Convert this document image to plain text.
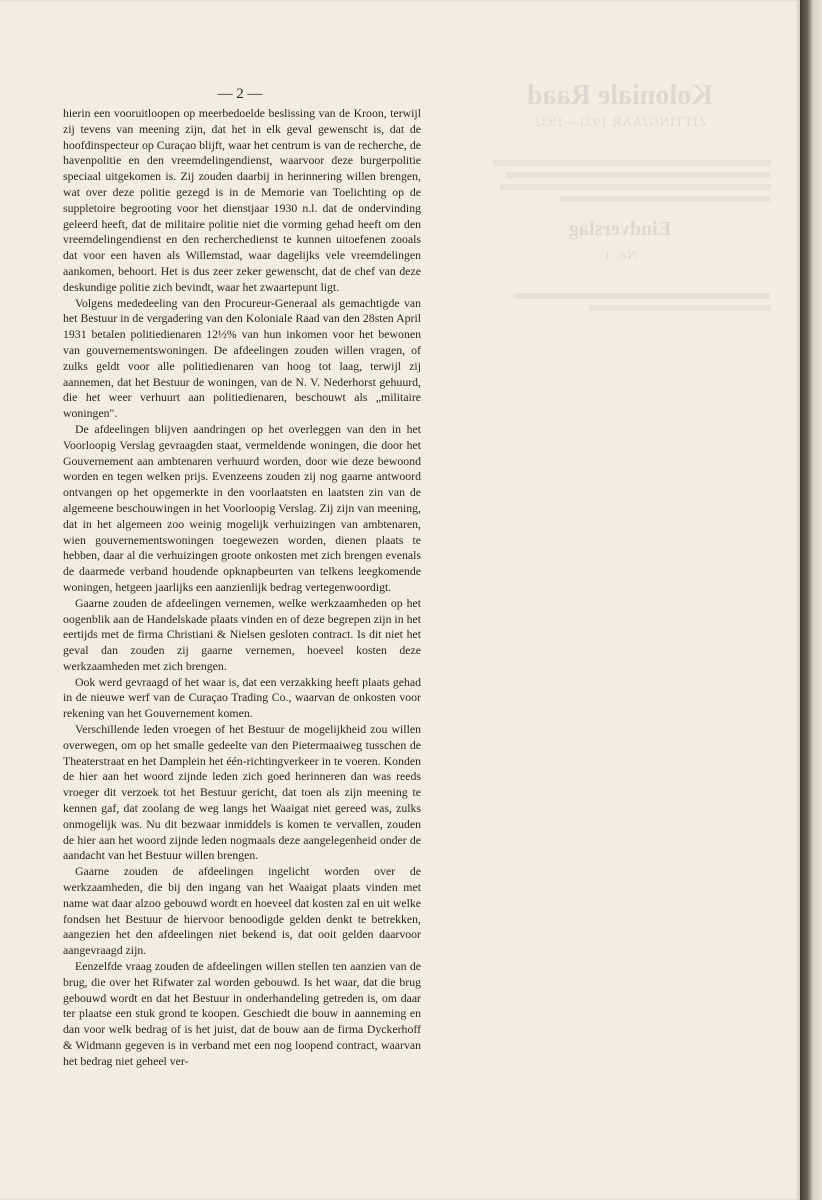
Koloniale Raad
ZITTINGJAAR 1931—1932
Eindverslag
No. 1
— 2 —

hierin een vooruitloopen op meerbedoelde beslissing van de Kroon, terwijl zij tevens van meening zijn, dat het in elk geval gewenscht is, dat de hoofdinspecteur op Curaçao blijft, waar het centrum is van de recherche, de havenpolitie en den vreemdelingendienst, waarvoor deze burgerpolitie speciaal uitgekomen is. Zij zouden daarbij in herinnering willen brengen, wat over deze politie gezegd is in de Memorie van Toelichting op de suppletoire begrooting voor het dienstjaar 1930 n.l. dat de ondervinding geleerd heeft, dat de militaire politie niet die vorming gehad heeft om den vreemdelingendienst en den recherchedienst te kunnen uitoefenen zooals dat voor een haven als Willemstad, waar dagelijks vele vreemdelingen aankomen, behoort. Het is dus zeer zeker gewenscht, dat de chef van deze deskundige politie zich bevindt, waar het zwaartepunt ligt.

Volgens mededeeling van den Procureur-Generaal als gemachtigde van het Bestuur in de vergadering van den Koloniale Raad van den 28sten April 1931 betalen politiedienaren 12½% van hun inkomen voor het bewonen van gouvernementswoningen. De afdeelingen zouden willen vragen, of zulks geldt voor alle politiedienaren van hoog tot laag, terwijl zij aannemen, dat het Bestuur de woningen, van de N. V. Nederhorst gehuurd, die het weer verhuurt aan politiedienaren, beschouwt als „militaire woningen".

De afdeelingen blijven aandringen op het overleggen van den in het Voorloopig Verslag gevraagden staat, vermeldende woningen, die door het Gouvernement aan ambtenaren verhuurd worden, door wie deze bewoond worden en tegen welken prijs. Evenzeens zouden zij nog gaarne antwoord ontvangen op het opgemerkte in den voorlaatsten en laatsten zin van de algemeene beschouwingen in het Voorloopig Verslag. Zij zijn van meening, dat in het algemeen zoo weinig mogelijk verhuizingen van ambtenaren, wien gouvernementswoningen toegewezen worden, dienen plaats te hebben, daar al die verhuizingen groote onkosten met zich brengen evenals de daarmede verband houdende opknapbeurten van telkens leegkomende woningen, hetgeen jaarlijks een aanzienlijk bedrag vertegenwoordigt.

Gaarne zouden de afdeelingen vernemen, welke werkzaamheden op het oogenblik aan de Handelskade plaats vinden en of deze begrepen zijn in het eertijds met de firma Christiani & Nielsen gesloten contract. Is dit niet het geval dan zouden zij gaarne vernemen, hoeveel kosten deze werkzaamheden met zich brengen.

Ook werd gevraagd of het waar is, dat een verzakking heeft plaats gehad in de nieuwe werf van de Curaçao Trading Co., waarvan de onkosten voor rekening van het Gouvernement komen.

Verschillende leden vroegen of het Bestuur de mogelijkheid zou willen overwegen, om op het smalle gedeelte van den Pietermaaiweg tusschen de Theaterstraat en het Damplein het één-richtingverkeer in te voeren. Konden de hier aan het woord zijnde leden zich goed herinneren dan was reeds vroeger dit verzoek tot het Bestuur gericht, dat toen als zijn meening te kennen gaf, dat zoolang de weg langs het Waaigat niet gereed was, zulks onmogelijk was. Nu dit bezwaar inmiddels is komen te vervallen, zouden de hier aan het woord zijnde leden nogmaals deze aangelegenheid onder de aandacht van het Bestuur willen brengen.

Gaarne zouden de afdeelingen ingelicht worden over de werkzaamheden, die bij den ingang van het Waaigat plaats vinden met name wat daar alzoo gebouwd wordt en hoeveel dat kosten zal en uit welke fondsen het Bestuur de hiervoor benoodigde gelden denkt te betrekken, aangezien het den afdeelingen niet bekend is, dat ooit gelden daarvoor aangevraagd zijn.

Eenzelfde vraag zouden de afdeelingen willen stellen ten aanzien van de brug, die over het Rifwater zal worden gebouwd. Is het waar, dat die brug gebouwd wordt en dat het Bestuur in onderhandeling getreden is, om daar ter plaatse een stuk grond te koopen. Geschiedt die bouw in aanneming en dan voor welk bedrag of is het juist, dat de bouw aan de firma Dyckerhoff & Widmann gegeven is in verband met een nog loopend contract, waarvan het bedrag niet geheel ver-
